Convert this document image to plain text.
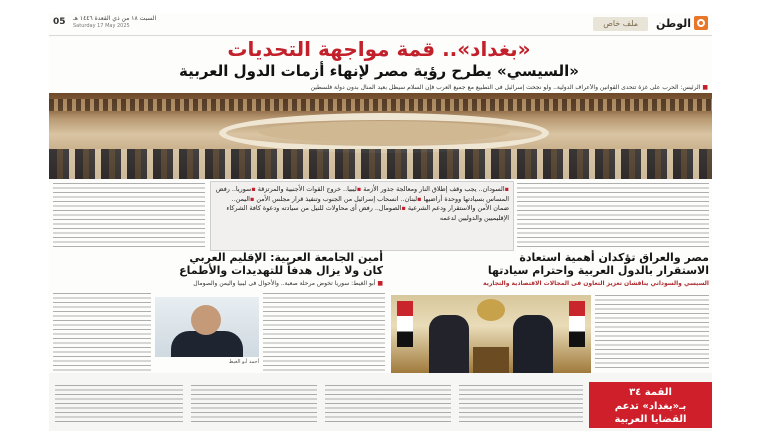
الوطن
ملف خاص
05 السبت ١٨ من ذي القعدة ١٤٤٦ هـ
Saturday 17 May 2025
«بغداد».. قمة مواجهة التحديات
«السيسي» يطرح رؤية مصر لإنهاء أزمات الدول العربية
■ الرئيس: الحرب على غزة تتحدى القوانين والأعراف الدولية.. ولو نجحت إسرائيل فى التطبيع مع جميع العرب فإن السلام سيظل بعيد المنال بدون دولة فلسطين
▪السودان.. يجب وقف إطلاق النار ومعالجة جذور الأزمة ▪ليبيا.. خروج القوات الأجنبية والمرتزقة ▪سوريا.. رفض المساس بسيادتها ووحدة أراضيها ▪لبنان.. انسحاب إسرائيل من الجنوب وتنفيذ قرار مجلس الأمن ▪اليمن.. ضمان الأمن والاستقرار ودعم الشرعية ▪الصومال.. رفض أى محاولات للنيل من سيادته ودعوة كافة الشركاء الإقليميين والدوليين لدعمه
مصر والعراق تؤكدان أهمية استعادة
الاستقرار بالدول العربية واحترام سيادتها
السيسي والسوداني يناقشان تعزيز التعاون فى المجالات الاقتصادية والتجارية
أمين الجامعة العربية: الإقليم العربي
كان ولا يزال هدفاً للتهديدات والأطماع
■ أبو الغيط: سوريا تخوض مرحلة صعبة.. والأحوال فى ليبيا واليمن والصومال
أحمد أبو الغيط
القمة ٣٤
بـ«بغداد» تدعم
القضايا العربية
